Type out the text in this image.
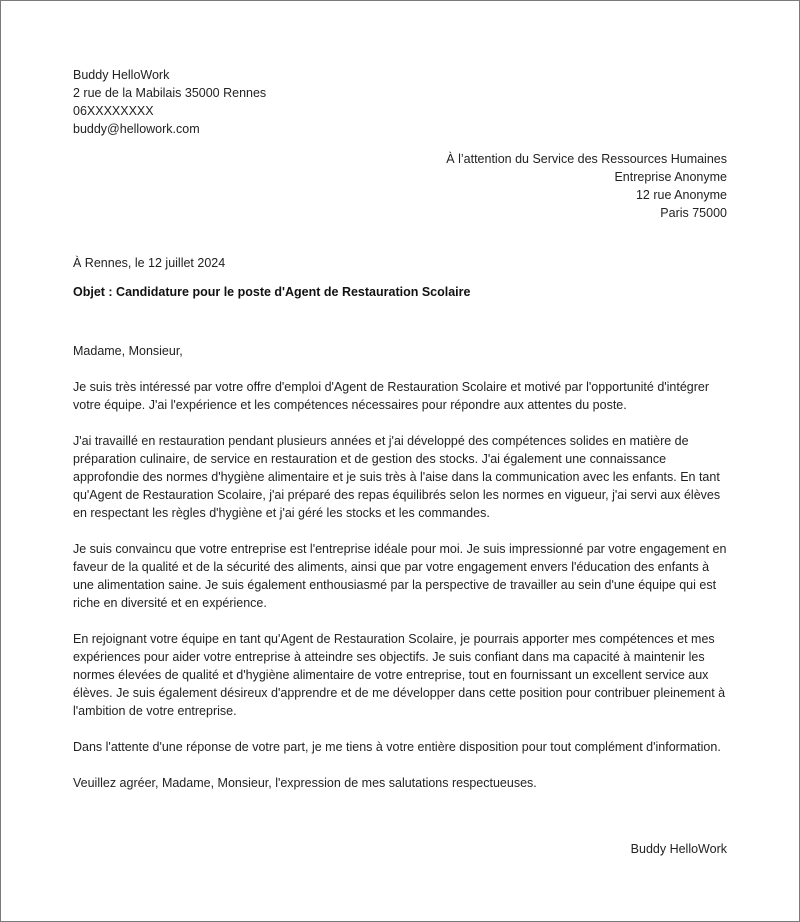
Buddy HelloWork
2 rue de la Mabilais 35000 Rennes
06XXXXXXXX
buddy@hellowork.com
À l’attention du Service des Ressources Humaines
Entreprise Anonyme
12 rue Anonyme
Paris 75000
À Rennes, le 12 juillet 2024
Objet : Candidature pour le poste d'Agent de Restauration Scolaire

Madame, Monsieur,

Je suis très intéressé par votre offre d'emploi d'Agent de Restauration Scolaire et motivé par l'opportunité d'intégrer votre équipe. J'ai l'expérience et les compétences nécessaires pour répondre aux attentes du poste.

J'ai travaillé en restauration pendant plusieurs années et j'ai développé des compétences solides en matière de préparation culinaire, de service en restauration et de gestion des stocks. J'ai également une connaissance approfondie des normes d'hygiène alimentaire et je suis très à l'aise dans la communication avec les enfants. En tant qu'Agent de Restauration Scolaire, j'ai préparé des repas équilibrés selon les normes en vigueur, j'ai servi aux élèves en respectant les règles d'hygiène et j'ai géré les stocks et les commandes.

Je suis convaincu que votre entreprise est l'entreprise idéale pour moi. Je suis impressionné par votre engagement en faveur de la qualité et de la sécurité des aliments, ainsi que par votre engagement envers l'éducation des enfants à une alimentation saine. Je suis également enthousiasmé par la perspective de travailler au sein d'une équipe qui est riche en diversité et en expérience.

En rejoignant votre équipe en tant qu'Agent de Restauration Scolaire, je pourrais apporter mes compétences et mes expériences pour aider votre entreprise à atteindre ses objectifs. Je suis confiant dans ma capacité à maintenir les normes élevées de qualité et d'hygiène alimentaire de votre entreprise, tout en fournissant un excellent service aux élèves. Je suis également désireux d'apprendre et de me développer dans cette position pour contribuer pleinement à l'ambition de votre entreprise.

Dans l'attente d'une réponse de votre part, je me tiens à votre entière disposition pour tout complément d'information.

Veuillez agréer, Madame, Monsieur, l'expression de mes salutations respectueuses.

Buddy HelloWork
